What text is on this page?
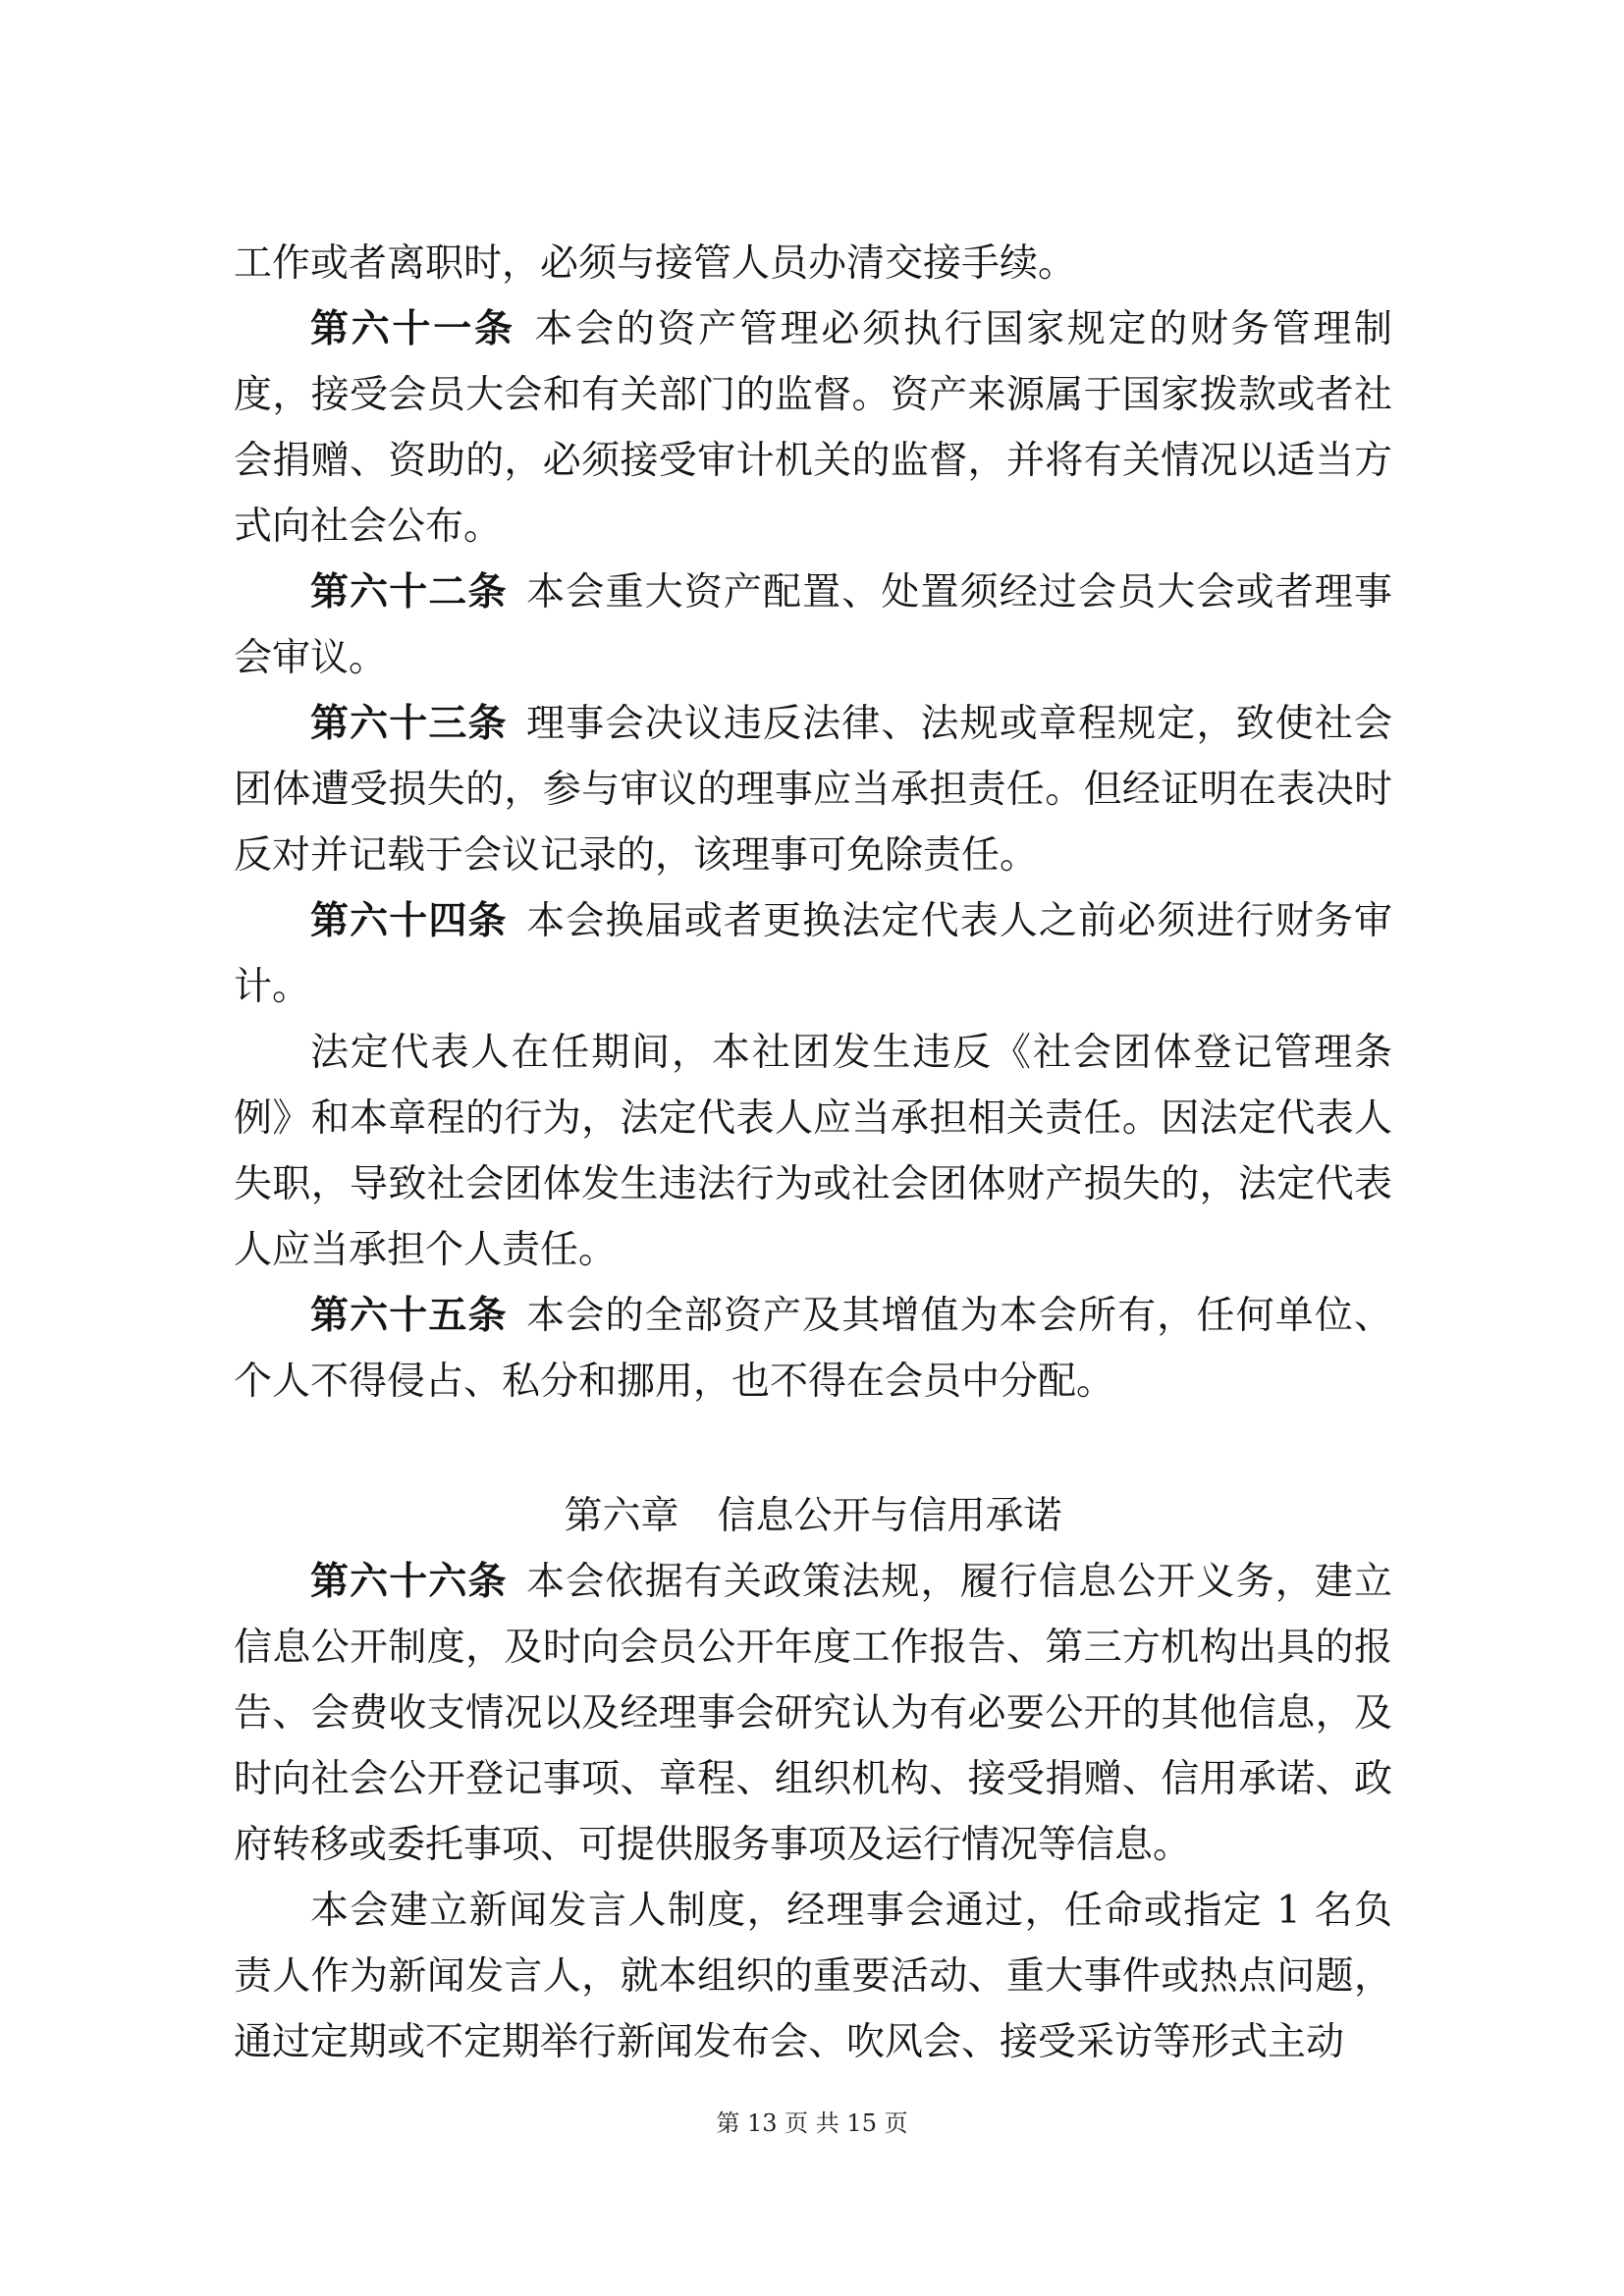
工作或者离职时，必须与接管人员办清交接手续。

第六十一条 本会的资产管理必须执行国家规定的财务管理制度，接受会员大会和有关部门的监督。资产来源属于国家拨款或者社会捐赠、资助的，必须接受审计机关的监督，并将有关情况以适当方式向社会公布。

第六十二条 本会重大资产配置、处置须经过会员大会或者理事会审议。

第六十三条 理事会决议违反法律、法规或章程规定，致使社会团体遭受损失的，参与审议的理事应当承担责任。但经证明在表决时反对并记载于会议记录的，该理事可免除责任。

第六十四条 本会换届或者更换法定代表人之前必须进行财务审计。

法定代表人在任期间，本社团发生违反《社会团体登记管理条例》和本章程的行为，法定代表人应当承担相关责任。因法定代表人失职，导致社会团体发生违法行为或社会团体财产损失的，法定代表人应当承担个人责任。

第六十五条 本会的全部资产及其增值为本会所有，任何单位、个人不得侵占、私分和挪用，也不得在会员中分配。

第六章　信息公开与信用承诺

第六十六条 本会依据有关政策法规，履行信息公开义务，建立信息公开制度，及时向会员公开年度工作报告、第三方机构出具的报告、会费收支情况以及经理事会研究认为有必要公开的其他信息，及时向社会公开登记事项、章程、组织机构、接受捐赠、信用承诺、政府转移或委托事项、可提供服务事项及运行情况等信息。

本会建立新闻发言人制度，经理事会通过，任命或指定 1 名负责人作为新闻发言人，就本组织的重要活动、重大事件或热点问题，通过定期或不定期举行新闻发布会、吹风会、接受采访等形式主动

第 13 页 共 15 页
